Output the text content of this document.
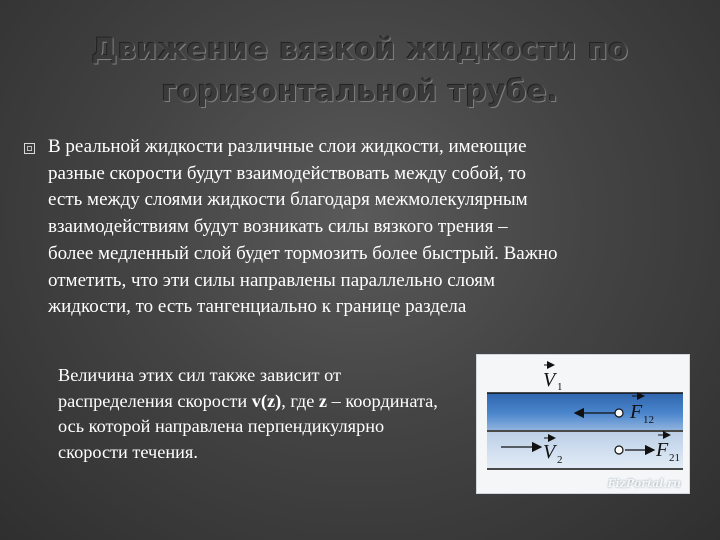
Движение вязкой жидкости по
горизонтальной трубе.

В реальной жидкости различные слои жидкости, имеющие
разные скорости будут взаимодействовать между собой, то
есть между слоями жидкости благодаря межмолекулярным
взаимодействиям будут возникать силы вязкого трения –
более медленный слой будет тормозить более быстрый. Важно
отметить, что эти силы направлены параллельно слоям
жидкости, то есть тангенциально к границе раздела

Величина этих сил также зависит от распределения скорости v(z), где z – координата, ось которой направлена перпендикулярно скорости течения.

V 1
F 12
V 2	F 21
FizPortal.ru
